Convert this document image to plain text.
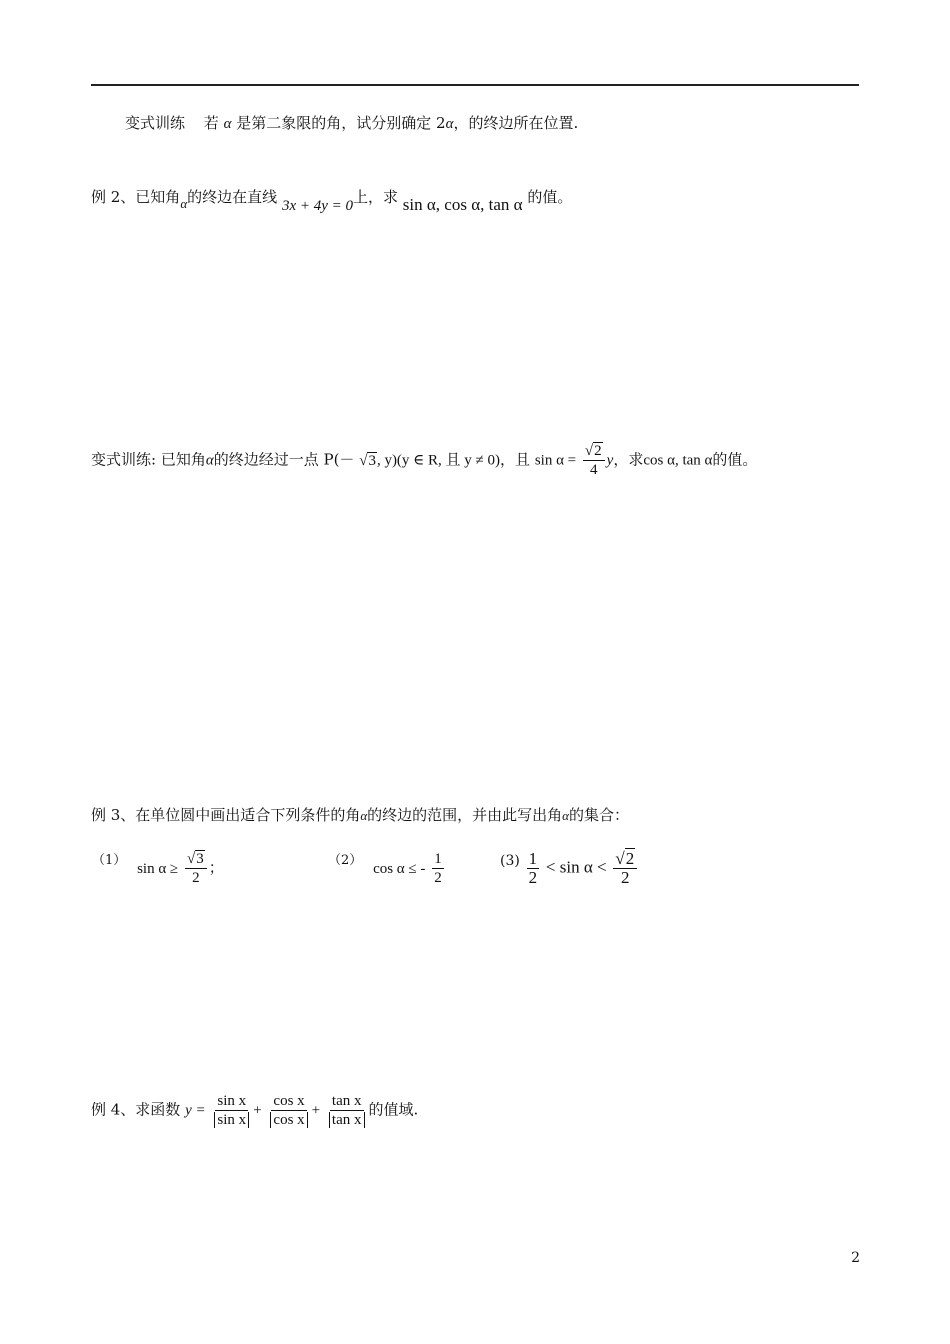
变式训练 若 α 是第二象限的角，试分别确定 2α，的终边所在位置.
例 2、已知角α的终边在直线 3x + 4y = 0上，求 sin α, cos α, tan α 的值。
变式训练: 已知角α的终边经过一点 P(－ √3, y)(y ∈ R, 且 y ≠ 0)，且 $\sin \alpha = \frac{√2}{4}$ y，求cos α, tan α的值。
例 3、在单位圆中画出适合下列条件的角α的终边的范围，并由此写出角α的集合：
（1） $\sin \alpha \ge \frac{√3}{2}$ ；	（2） cos α ≤ - $\frac{1}{2}$	$(3) \frac{1}{2} < \sin \alpha < \frac{√2}{2}$
例 4、求函数 $y = \frac{\text{sin x}}{\text{sin x}} + \frac{\text{cos x}}{\text{cos x}} + \frac{\text{tan x}}{\text{tan x}}$ 的值域.
2
